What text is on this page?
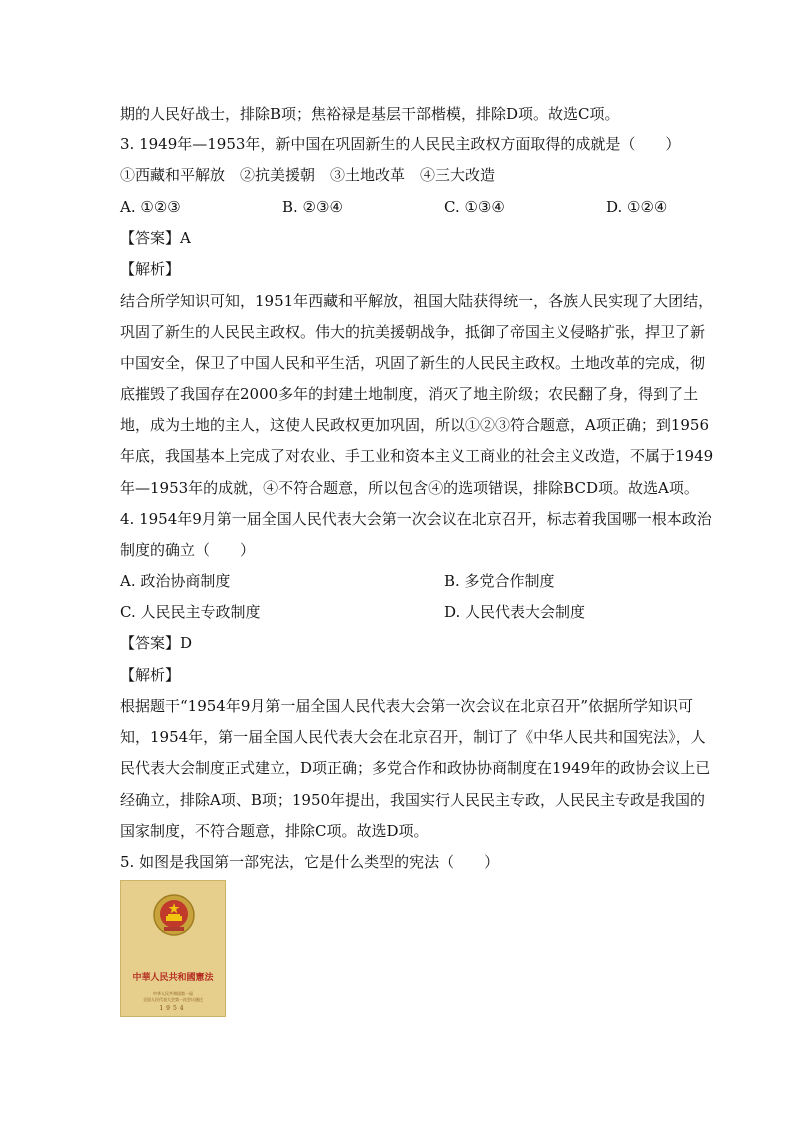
期的人民好战士，排除B项；焦裕禄是基层干部楷模，排除D项。故选C项。
3. 1949年—1953年，新中国在巩固新生的人民民主政权方面取得的成就是（　　）
①西藏和平解放　②抗美援朝　③土地改革　④三大改造
A. ①②③	B. ②③④	C. ①③④	D. ①②④
【答案】A
【解析】
结合所学知识可知，1951年西藏和平解放，祖国大陆获得统一，各族人民实现了大团结，
巩固了新生的人民民主政权。伟大的抗美援朝战争，抵御了帝国主义侵略扩张，捍卫了新
中国安全，保卫了中国人民和平生活，巩固了新生的人民民主政权。土地改革的完成，彻
底摧毁了我国存在2000多年的封建土地制度，消灭了地主阶级；农民翻了身，得到了土
地，成为土地的主人，这使人民政权更加巩固，所以①②③符合题意，A项正确；到1956
年底，我国基本上完成了对农业、手工业和资本主义工商业的社会主义改造，不属于1949
年—1953年的成就，④不符合题意，所以包含④的选项错误，排除BCD项。故选A项。
4. 1954年9月第一届全国人民代表大会第一次会议在北京召开，标志着我国哪一根本政治
制度的确立（　　）
A. 政治协商制度	B. 多党合作制度
C. 人民民主专政制度	D. 人民代表大会制度
【答案】D
【解析】
根据题干“1954年9月第一届全国人民代表大会第一次会议在北京召开”依据所学知识可
知，1954年，第一届全国人民代表大会在北京召开，制订了《中华人民共和国宪法》，人
民代表大会制度正式建立，D项正确；多党合作和政协协商制度在1949年的政协会议上已
经确立，排除A项、B项；1950年提出，我国实行人民民主专政，人民民主专政是我国的
国家制度，不符合题意，排除C项。故选D项。
5. 如图是我国第一部宪法，它是什么类型的宪法（　　）
中華人民共和國憲法
中华人民共和国第一届
全国人民代表大会第一次会议通过
1954
